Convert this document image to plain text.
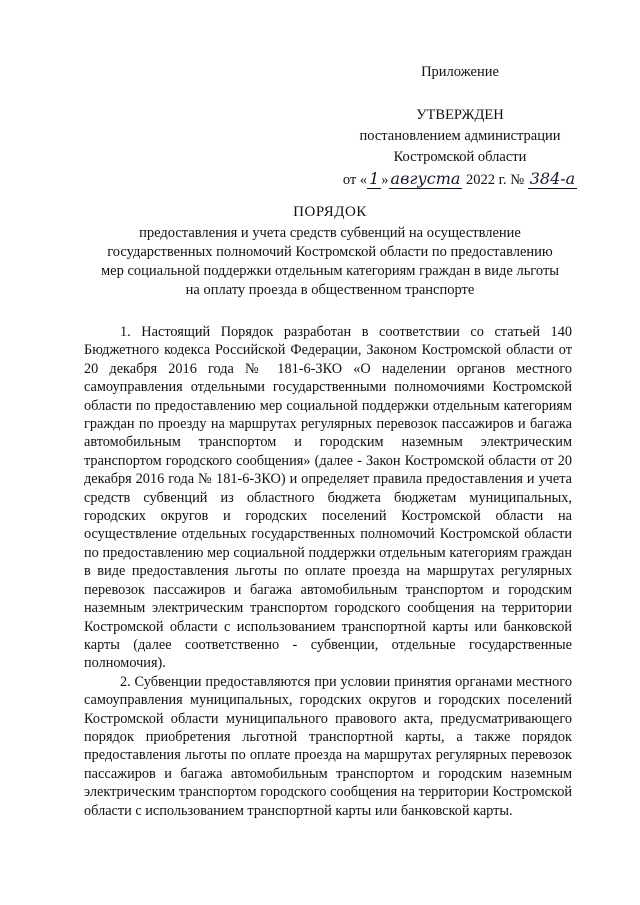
Приложение
УТВЕРЖДЕН
постановлением администрации
Костромской области
от « 1 » августа 2022 г. № 384-а
ПОРЯДОК
предоставления и учета средств субвенций на осуществление
государственных полномочий Костромской области по предоставлению
мер социальной поддержки отдельным категориям граждан в виде льготы
на оплату проезда в общественном транспорте

1. Настоящий Порядок разработан в соответствии со статьей 140 Бюджетного кодекса Российской Федерации, Законом Костромской области от 20 декабря 2016 года № 181-6-ЗКО «О наделении органов местного самоуправления отдельными государственными полномочиями Костромской области по предоставлению мер социальной поддержки отдельным категориям граждан по проезду на маршрутах регулярных перевозок пассажиров и багажа автомобильным транспортом и городским наземным электрическим транспортом городского сообщения» (далее - Закон Костромской области от 20 декабря 2016 года № 181-6-ЗКО) и определяет правила предоставления и учета средств субвенций из областного бюджета бюджетам муниципальных, городских округов и городских поселений Костромской области на осуществление отдельных государственных полномочий Костромской области по предоставлению мер социальной поддержки отдельным категориям граждан в виде предоставления льготы по оплате проезда на маршрутах регулярных перевозок пассажиров и багажа автомобильным транспортом и городским наземным электрическим транспортом городского сообщения на территории Костромской области с использованием транспортной карты или банковской карты (далее соответственно - субвенции, отдельные государственные полномочия).

2. Субвенции предоставляются при условии принятия органами местного самоуправления муниципальных, городских округов и городских поселений Костромской области муниципального правового акта, предусматривающего порядок приобретения льготной транспортной карты, а также порядок предоставления льготы по оплате проезда на маршрутах регулярных перевозок пассажиров и багажа автомобильным транспортом и городским наземным электрическим транспортом городского сообщения на территории Костромской области с использованием транспортной карты или банковской карты.
